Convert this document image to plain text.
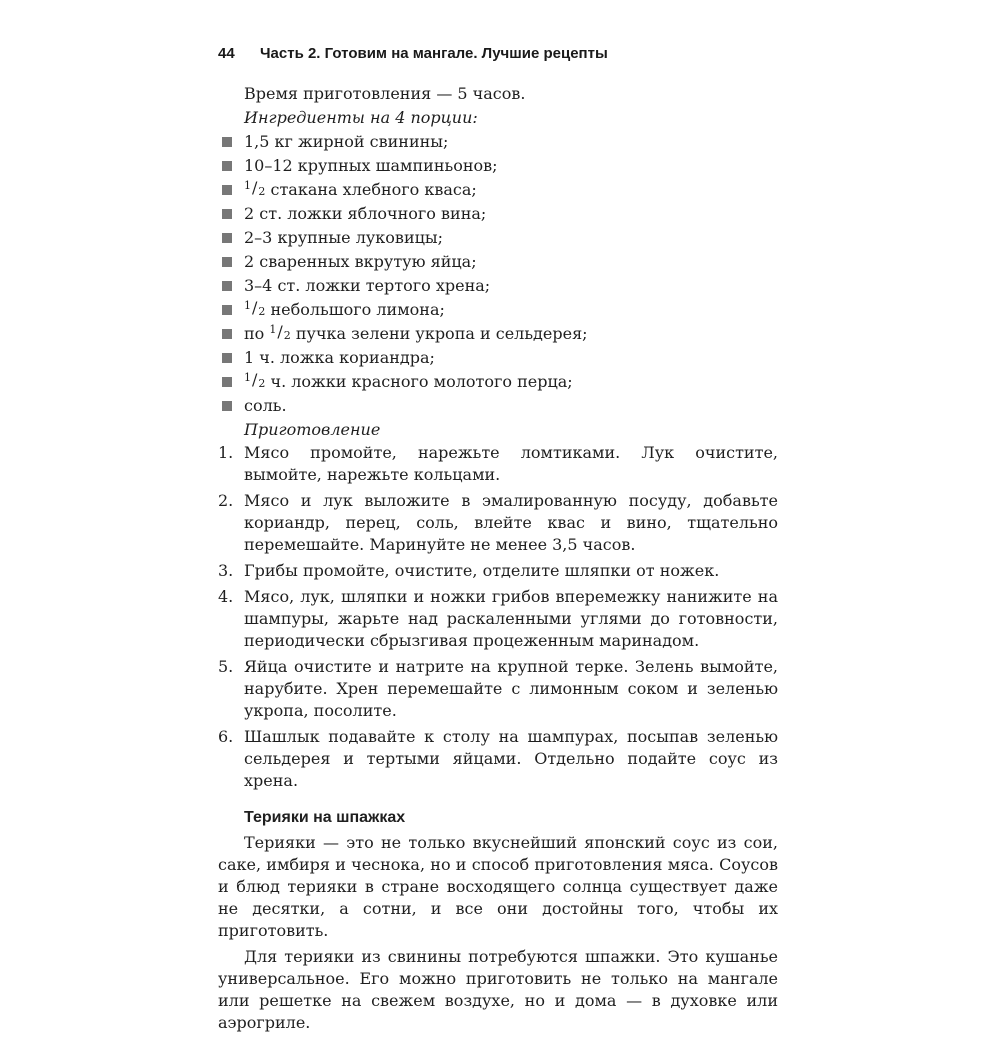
44 Часть 2. Готовим на мангале. Лучшие рецепты

Время приготовления — 5 часов.

Ингредиенты на 4 порции:

1,5 кг жирной свинины;
10–12 крупных шампиньонов;
1/2 стакана хлебного кваса;
2 ст. ложки яблочного вина;
2–3 крупные луковицы;
2 сваренных вкрутую яйца;
3–4 ст. ложки тертого хрена;
1/2 небольшого лимона;
по 1/2 пучка зелени укропа и сельдерея;
1 ч. ложка кориандра;
1/2 ч. ложки красного молотого перца;
соль.

Приготовление

1. Мясо промойте, нарежьте ломтиками. Лук очистите, вымойте, нарежьте кольцами.
2. Мясо и лук выложите в эмалированную посуду, добавьте кориандр, перец, соль, влейте квас и вино, тщательно перемешайте. Маринуйте не менее 3,5 часов.
3. Грибы промойте, очистите, отделите шляпки от ножек.
4. Мясо, лук, шляпки и ножки грибов вперемежку нанижите на шампуры, жарьте над раскаленными углями до готовности, периодически сбрызгивая процеженным маринадом.
5. Яйца очистите и натрите на крупной терке. Зелень вымойте, нарубите. Хрен перемешайте с лимонным соком и зеленью укропа, посолите.
6. Шашлык подавайте к столу на шампурах, посыпав зеленью сельдерея и тертыми яйцами. Отдельно подайте соус из хрена.
Терияки на шпажках

Терияки — это не только вкуснейший японский соус из сои, саке, имбиря и чеснока, но и способ приготовления мяса. Соусов и блюд терияки в стране восходящего солнца существует даже не десятки, а сотни, и все они достойны того, чтобы их приготовить.

Для терияки из свинины потребуются шпажки. Это кушанье универсальное. Его можно приготовить не только на мангале или решетке на свежем воздухе, но и дома — в духовке или аэрогриле.
